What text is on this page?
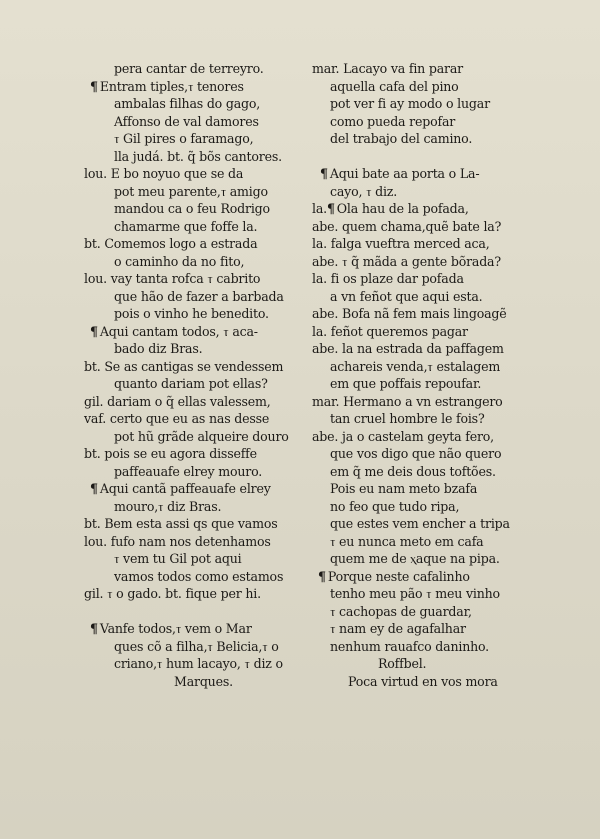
pera cantar de terreyro.
¶ Entram tiples,ⲧ tenores
ambalas filhas do gago,
Affonso de val damores
ⲧ Gil pires o faramago,
lla judá. bt. q̃ bõs cantores.
lou. E bo noyuo que se da
pot meu parente,ⲧ amigo
mandou ca o feu Rodrigo
chamarme que foffe la.
bt. Comemos logo a estrada
o caminho da no fito,
lou. vay tanta rofca ⲧ cabrito
que hão de fazer a barbada
pois o vinho he benedito.
¶ Aqui cantam todos, ⲧ aca-
bado diz Bras.
bt. Se as cantigas se vendessem
quanto dariam pot ellas?
gil. dariam o q̃ ellas valessem,
vaf. certo que eu as nas desse
pot hũ grãde alqueire douro
bt. pois se eu agora disseffe
paffeauafe elrey mouro.
¶ Aqui cantã paffeauafe elrey
mouro,ⲧ diz Bras.
bt. Bem esta assi qs que vamos
lou. fufo nam nos detenhamos
ⲧ vem tu Gil pot aqui
vamos todos como estamos
gil. ⲧ o gado. bt. fique per hi.
¶ Vanfe todos,ⲧ vem o Mar
ques cõ a filha,ⲧ Belicia,ⲧ o
criano,ⲧ hum lacayo, ⲧ diz o
Marques.
mar. Lacayo va fin parar
aquella cafa del pino
pot ver fi ay modo o lugar
como pueda repofar
del trabajo del camino.
¶ Aqui bate aa porta o La-
cayo, ⲧ diz.
la.¶ Ola hau de la pofada,
abe. quem chama,quẽ bate la?
la. falga vueftra merced aca,
abe. ⲧ q̃ mãda a gente bõrada?
la. fi os plaze dar pofada
a vn feñot que aqui esta.
abe. Bofa nã fem mais lingoagẽ
la. feñot queremos pagar
abe. la na estrada da paffagem
achareis venda,ⲧ estalagem
em que poffais repoufar.
mar. Hermano a vn estrangero
tan cruel hombre le fois?
abe. ja o castelam geyta fero,
que vos digo que não quero
em q̃ me deis dous toftões.
Pois eu nam meto bzafa
no feo que tudo ripa,
que estes vem encher a tripa
ⲧ eu nunca meto em cafa
quem me de ⲭaque na pipa.
¶ Porque neste cafalinho
tenho meu pão ⲧ meu vinho
ⲧ cachopas de guardar,
ⲧ nam ey de agafalhar
nenhum rauafco daninho.
Roffbel.
Poca virtud en vos mora
